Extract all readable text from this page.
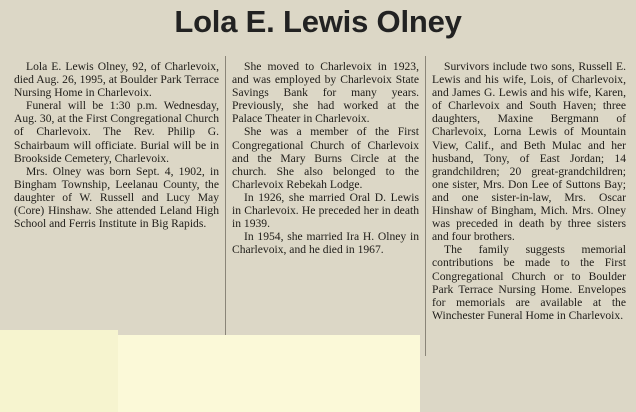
Lola E. Lewis Olney

Lola E. Lewis Olney, 92, of Charlevoix, died Aug. 26, 1995, at Boulder Park Terrace Nursing Home in Charlevoix.

Funeral will be 1:30 p.m. Wednesday, Aug. 30, at the First Congregational Church of Charlevoix. The Rev. Philip G. Schairbaum will officiate. Burial will be in Brookside Cemetery, Charlevoix.

Mrs. Olney was born Sept. 4, 1902, in Bingham Township, Leelanau County, the daughter of W. Russell and Lucy May (Core) Hinshaw. She attended Leland High School and Ferris Institute in Big Rapids.

She moved to Charlevoix in 1923, and was employed by Charlevoix State Savings Bank for many years. Previously, she had worked at the Palace Theater in Charlevoix.

She was a member of the First Congregational Church of Charlevoix and the Mary Burns Circle at the church. She also belonged to the Charlevoix Rebekah Lodge.

In 1926, she married Oral D. Lewis in Charlevoix. He preceded her in death in 1939.

In 1954, she married Ira H. Olney in Charlevoix, and he died in 1967.

Survivors include two sons, Russell E. Lewis and his wife, Lois, of Charlevoix, and James G. Lewis and his wife, Karen, of Charlevoix and South Haven; three daughters, Maxine Bergmann of Charlevoix, Lorna Lewis of Mountain View, Calif., and Beth Mulac and her husband, Tony, of East Jordan; 14 grandchildren; 20 great-grandchildren; one sister, Mrs. Don Lee of Suttons Bay; and one sister-in-law, Mrs. Oscar Hinshaw of Bingham, Mich. Mrs. Olney was preceded in death by three sisters and four brothers.

The family suggests memorial contributions be made to the First Congregational Church or to Boulder Park Terrace Nursing Home. Envelopes for memorials are available at the Winchester Funeral Home in Charlevoix.
